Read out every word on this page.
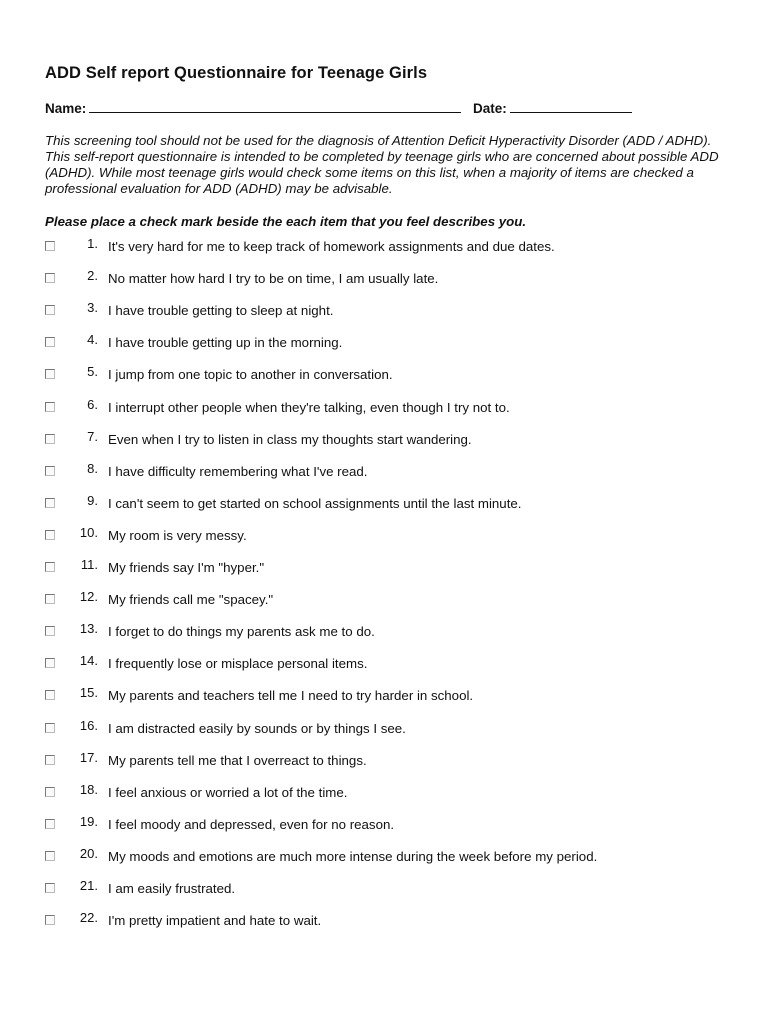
ADD Self report Questionnaire for Teenage Girls
Name:	Date:
This screening tool should not be used for the diagnosis of Attention Deficit Hyperactivity Disorder (ADD / ADHD). This self-report questionnaire is intended to be completed by teenage girls who are concerned about possible ADD (ADHD). While most teenage girls would check some items on this list, when a majority of items are checked a professional evaluation for ADD (ADHD) may be advisable.
Please place a check mark beside the each item that you feel describes you.
1. It's very hard for me to keep track of homework assignments and due dates.
2. No matter how hard I try to be on time, I am usually late.
3. I have trouble getting to sleep at night.
4. I have trouble getting up in the morning.
5. I jump from one topic to another in conversation.
6. I interrupt other people when they're talking, even though I try not to.
7. Even when I try to listen in class my thoughts start wandering.
8. I have difficulty remembering what I've read.
9. I can't seem to get started on school assignments until the last minute.
10. My room is very messy.
11. My friends say I'm "hyper."
12. My friends call me "spacey."
13. I forget to do things my parents ask me to do.
14. I frequently lose or misplace personal items.
15. My parents and teachers tell me I need to try harder in school.
16. I am distracted easily by sounds or by things I see.
17. My parents tell me that I overreact to things.
18. I feel anxious or worried a lot of the time.
19. I feel moody and depressed, even for no reason.
20. My moods and emotions are much more intense during the week before my period.
21. I am easily frustrated.
22. I'm pretty impatient and hate to wait.
